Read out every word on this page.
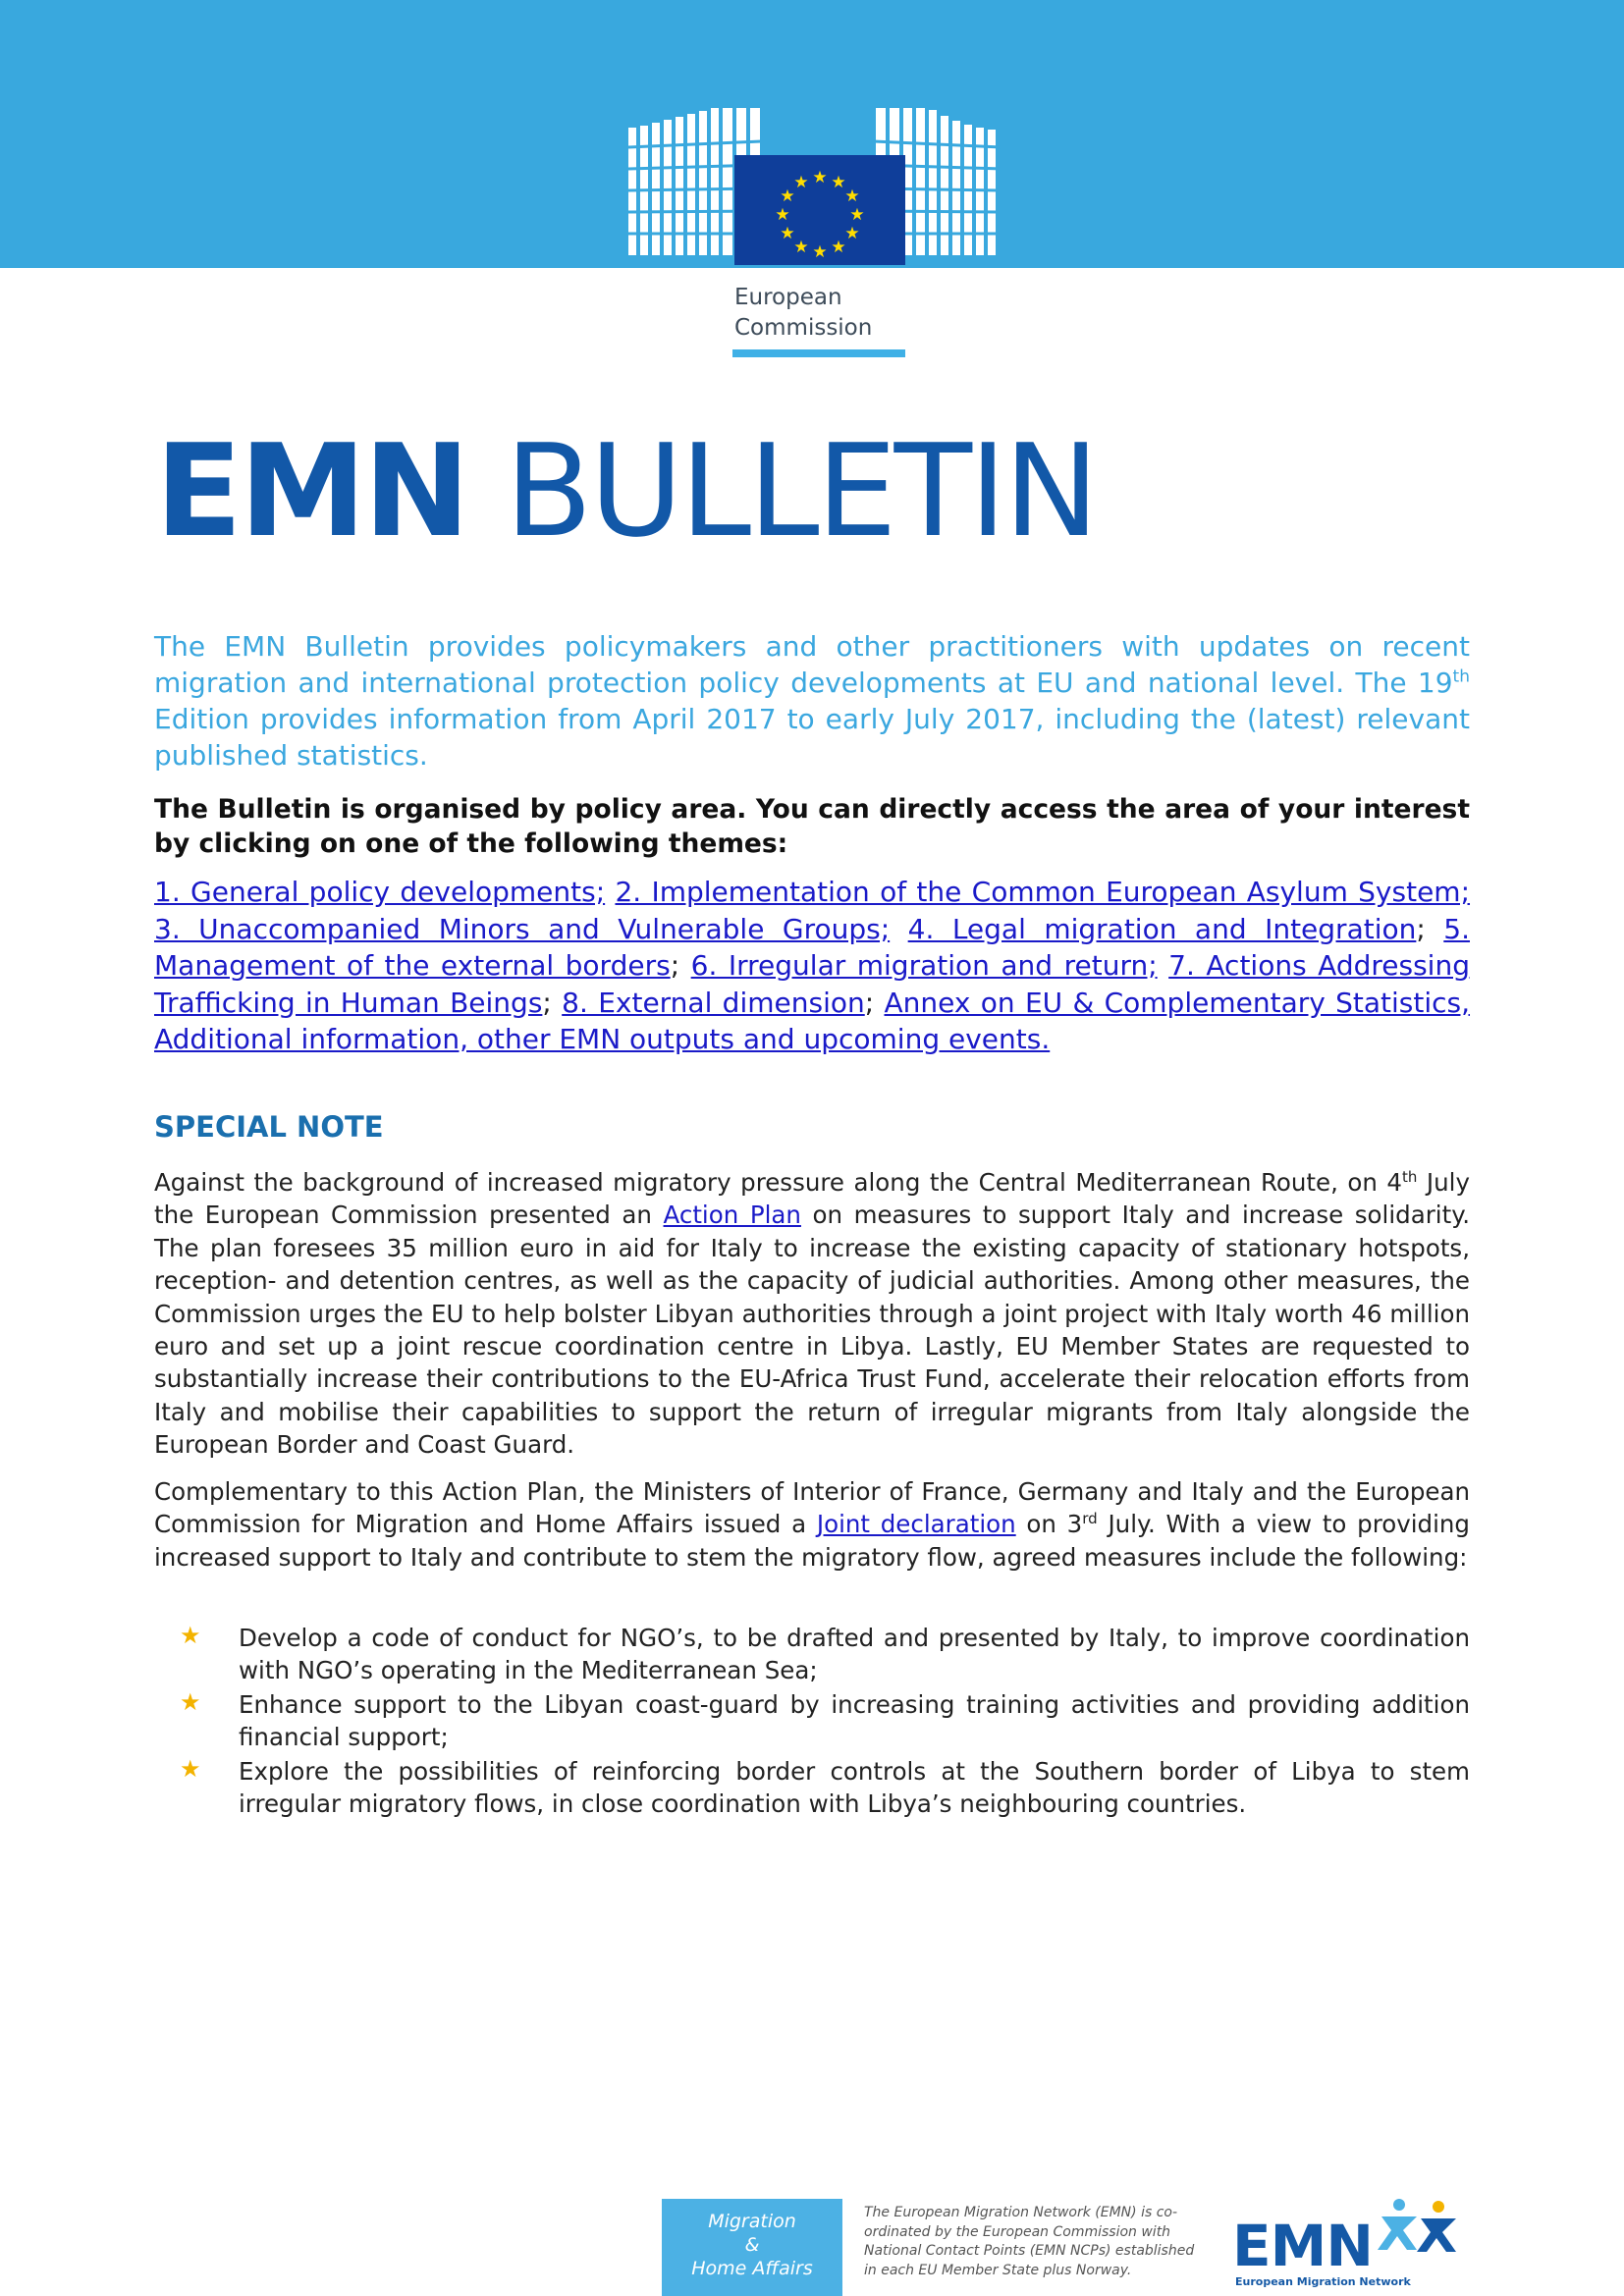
★ ★
★
★
★
★
★
★
★
★
★
★
European
Commission
EMN BULLETIN
The EMN Bulletin provides policymakers and other practitioners with updates on recent migration and international protection policy developments at EU and national level. The 19th Edition provides information from April 2017 to early July 2017, including the (latest) relevant published statistics.
The Bulletin is organised by policy area. You can directly access the area of your interest by clicking on one of the following themes:
1. General policy developments; 2. Implementation of the Common European Asylum System; 3. Unaccompanied Minors and Vulnerable Groups; 4. Legal migration and Integration; 5. Management of the external borders; 6. Irregular migration and return; 7. Actions Addressing Trafficking in Human Beings; 8. External dimension; Annex on EU & Complementary Statistics, Additional information, other EMN outputs and upcoming events.
SPECIAL NOTE
Against the background of increased migratory pressure along the Central Mediterranean Route, on 4th July the European Commission presented an Action Plan on measures to support Italy and increase solidarity. The plan foresees 35 million euro in aid for Italy to increase the existing capacity of stationary hotspots, reception- and detention centres, as well as the capacity of judicial authorities. Among other measures, the Commission urges the EU to help bolster Libyan authorities through a joint project with Italy worth 46 million euro and set up a joint rescue coordination centre in Libya. Lastly, EU Member States are requested to substantially increase their contributions to the EU-Africa Trust Fund, accelerate their relocation efforts from Italy and mobilise their capabilities to support the return of irregular migrants from Italy alongside the European Border and Coast Guard.
Complementary to this Action Plan, the Ministers of Interior of France, Germany and Italy and the European Commission for Migration and Home Affairs issued a Joint declaration on 3rd July. With a view to providing increased support to Italy and contribute to stem the migratory flow, agreed measures include the following:
★ Develop a code of conduct for NGO’s, to be drafted and presented by Italy, to improve coordination with NGO’s operating in the Mediterranean Sea;
★ Enhance support to the Libyan coast-guard by increasing training activities and providing addition financial support;
★ Explore the possibilities of reinforcing border controls at the Southern border of Libya to stem irregular migratory flows, in close coordination with Libya’s neighbouring countries.
Migration
&
Home Affairs
The European Migration Network (EMN) is co-ordinated by the European Commission with National Contact Points (EMN NCPs) established in each EU Member State plus Norway.	EMN
European Migration Network
